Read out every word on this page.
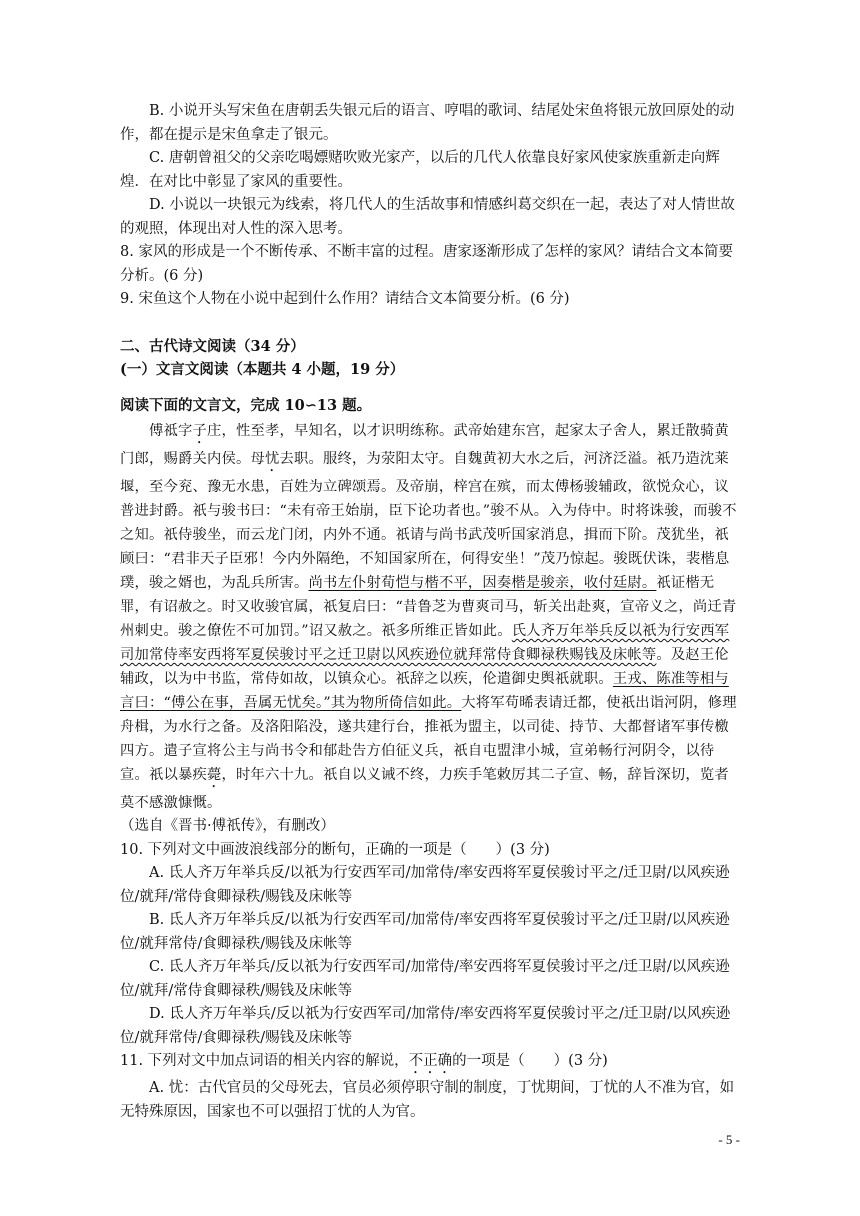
B. 小说开头写宋鱼在唐朝丢失银元后的语言、哼唱的歌词、结尾处宋鱼将银元放回原处的动作，都在提示是宋鱼拿走了银元。

C. 唐朝曾祖父的父亲吃喝嫖赌吹败光家产，以后的几代人依靠良好家风使家族重新走向辉煌．在对比中彰显了家风的重要性。

D. 小说以一块银元为线索，将几代人的生活故事和情感纠葛交织在一起，表达了对人情世故的观照，体现出对人性的深入思考。

8. 家风的形成是一个不断传承、不断丰富的过程。唐家逐渐形成了怎样的家风？请结合文本简要分析。(6 分)

9. 宋鱼这个人物在小说中起到什么作用？请结合文本简要分析。(6 分)

二、古代诗文阅读（34 分）

(一）文言文阅读（本题共 4 小题，19 分）

阅读下面的文言文，完成 10∽13 题。

傅祗字子庄，性至孝，早知名，以才识明练称。武帝始建东宫，起家太子舍人，累迁散骑黄门郎，赐爵关内侯。母忧去职。服终，为荥阳太守。自魏黄初大水之后，河济泛溢。祇乃造沈莱堰，至今兖、豫无水患，百姓为立碑颂焉。及帝崩，梓宫在殡，而太傅杨骏辅政，欲悦众心，议普进封爵。祇与骏书曰：“未有帝王始崩，臣下论功者也。”骏不从。入为侍中。时将诛骏，而骏不之知。祇侍骏坐，而云龙门闭，内外不通。祇请与尚书武茂听国家消息，揖而下阶。茂犹坐，祇顾曰：“君非天子臣邪！今内外隔绝，不知国家所在，何得安坐！”茂乃惊起。骏既伏诛，裴楷息璞，骏之婿也，为乱兵所害。尚书左仆射荀恺与楷不平，因奏楷是骏亲，收付廷尉。祇证楷无罪，有诏赦之。时又收骏官属，祇复启曰：“昔鲁芝为曹爽司马，斩关出赴爽，宣帝义之，尚迁青州刺史。骏之僚佐不可加罚。”诏又赦之。祇多所维正皆如此。氏人齐万年举兵反以祇为行安西军司加常侍率安西将军夏侯骏讨平之迁卫尉以风疾逊位就拜常侍食卿禄秩赐钱及床帐等。及赵王伦辅政，以为中书监，常侍如故，以镇众心。祇辞之以疾，伦遣御史舆祇就职。王戎、陈准等相与言曰：“傅公在事，吾属无忧矣。”其为物所倚信如此。大将军苟晞表请迁都，使祇出诣河阴，修理舟楫，为水行之备。及洛阳陷没，遂共建行台，推祇为盟主，以司徒、持节、大都督诸军事传檄四方。遣子宣将公主与尚书令和郁赴告方伯征义兵，祇自屯盟津小城，宣弟畅行河阴令，以待宣。祇以暴疾薨，时年六十九。祇自以义诫不终，力疾手笔敕厉其二子宣、畅，辞旨深切，览者莫不感激慷慨。

（选自《晋书·傅祇传》，有删改）

10. 下列对文中画波浪线部分的断句，正确的一项是（　　）(3 分)

A. 氐人齐万年举兵反/以祇为行安西军司/加常侍/率安西将军夏侯骏讨平之/迁卫尉/以风疾逊位/就拜/常侍食卿禄秩/赐钱及床帐等

B. 氐人齐万年举兵反/以祇为行安西军司/加常侍/率安西将军夏侯骏讨平之/迁卫尉/以风疾逊位/就拜常侍/食卿禄秩/赐钱及床帐等

C. 氐人齐万年举兵/反以祇为行安西军司/加常侍/率安西将军夏侯骏讨平之/迁卫尉/以风疾逊位/就拜/常侍食卿禄秩/赐钱及床帐等

D. 氐人齐万年举兵/反以祇为行安西军司/加常侍/率安西将军夏侯骏讨平之/迁卫尉/以风疾逊位/就拜常侍/食卿禄秩/赐钱及床帐等

11. 下列对文中加点词语的相关内容的解说，不正确的一项是（　　）(3 分)

A. 忧：古代官员的父母死去，官员必须停职守制的制度，丁忧期间，丁忧的人不准为官，如无特殊原因，国家也不可以强招丁忧的人为官。

- 5 -
